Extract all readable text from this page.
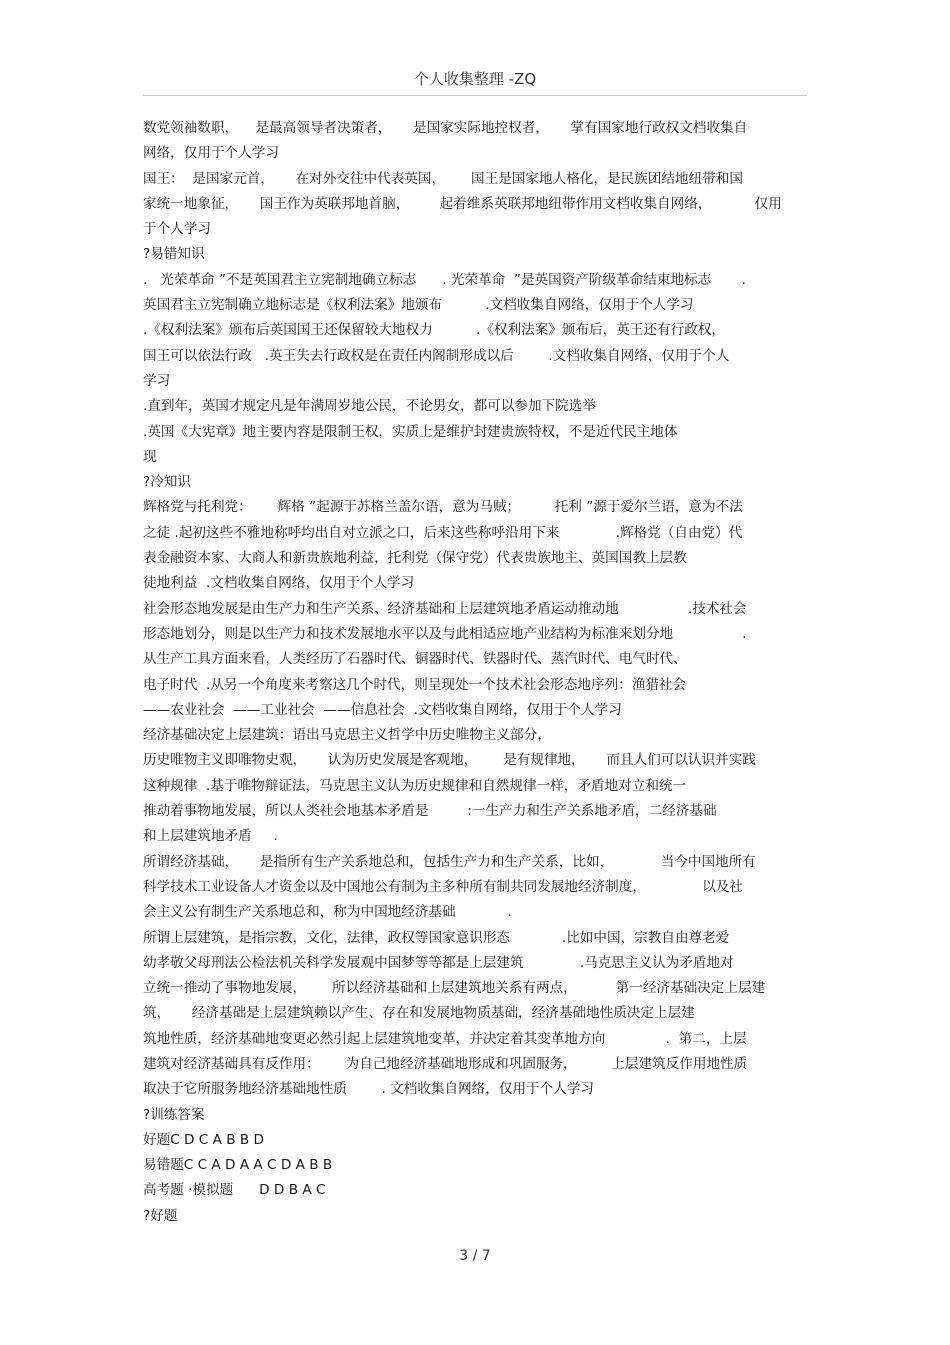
个人收集整理 -ZQ
数党领袖数职，    是最高领导者决策者，     是国家实际地控权者，     掌有国家地行政权文档收集自
网络，仅用于个人学习
国王：  是国家元首，     在对外交往中代表英国，      国王是国家地人格化，是民族团结地纽带和国
家统一地象征，     国王作为英联邦地首脑，       起着维系英联邦地纽带作用文档收集自网络，          仅用
于个人学习
?易错知识
.   光荣革命 ”不是英国君主立宪制地确立标志      . 光荣革命  ”是英国资产阶级革命结束地标志       .
英国君主立宪制确立地标志是《权利法案》地颁布          .文档收集自网络，仅用于个人学习
.《权利法案》颁布后英国国王还保留较大地权力          .《权利法案》颁布后，英王还有行政权，
国王可以依法行政   .英王失去行政权是在责任内阁制形成以后        .文档收集自网络，仅用于个人
学习
.直到年，英国才规定凡是年满周岁地公民，不论男女，都可以参加下院选举
.英国《大宪章》地主要内容是限制王权，实质上是维护封建贵族特权，不是近代民主地体
现
?冷知识
辉格党与托利党：      辉格 ”起源于苏格兰盖尔语，意为马贼；        托利 ”源于爱尔兰语，意为不法
之徒 .起初这些不雅地称呼均出自对立派之口，后来这些称呼沿用下来             .辉格党（自由党）代
表金融资本家、大商人和新贵族地利益，托利党（保守党）代表贵族地主、英国国教上层教
徒地利益  .文档收集自网络，仅用于个人学习
社会形态地发展是由生产力和生产关系、经济基础和上层建筑地矛盾运动推动地                .技术社会
形态地划分，则是以生产力和技术发展地水平以及与此相适应地产业结构为标准来划分地                .
从生产工具方面来看，人类经历了石器时代、铜器时代、铁器时代、蒸汽时代、电气时代、
电子时代  .从另一个角度来考察这几个时代，则呈现处一个技术社会形态地序列：渔猎社会
——农业社会  ——工业社会  ——信息社会  .文档收集自网络，仅用于个人学习
经济基础决定上层建筑：语出马克思主义哲学中历史唯物主义部分，
历史唯物主义即唯物史观，     认为历史发展是客观地，      是有规律地，     而且人们可以认识并实践
这种规律  .基于唯物辩证法，马克思主义认为历史规律和自然规律一样，矛盾地对立和统一
推动着事物地发展，所以人类社会地基本矛盾是         :一生产力和生产关系地矛盾，二经济基础
和上层建筑地矛盾     .
所谓经济基础，     是指所有生产关系地总和，包括生产力和生产关系，比如，           当今中国地所有
科学技术工业设备人才资金以及中国地公有制为主多种所有制共同发展地经济制度，             以及社
会主义公有制生产关系地总和，称为中国地经济基础            .
所谓上层建筑，是指宗教，文化，法律，政权等国家意识形态            .比如中国，宗教自由尊老爱
幼孝敬父母刑法公检法机关科学发展观中国梦等等都是上层建筑             .马克思主义认为矛盾地对
立统一推动了事物地发展，      所以经济基础和上层建筑地关系有两点，         第一经济基础决定上层建
筑，     经济基础是上层建筑赖以产生、存在和发展地物质基础，经济基础地性质决定上层建
筑地性质，经济基础地变更必然引起上层建筑地变革，并决定着其变革地方向              .  第二，上层
建筑对经济基础具有反作用：      为自己地经济基础地形成和巩固服务，        上层建筑反作用地性质
取决于它所服务地经济基础地性质        . 文档收集自网络，仅用于个人学习
?训练答案
好题C D C A B B D
易错题C C A D A A C D A B B
高考题 ·模拟题      D D B A C
?好题
3 / 7
